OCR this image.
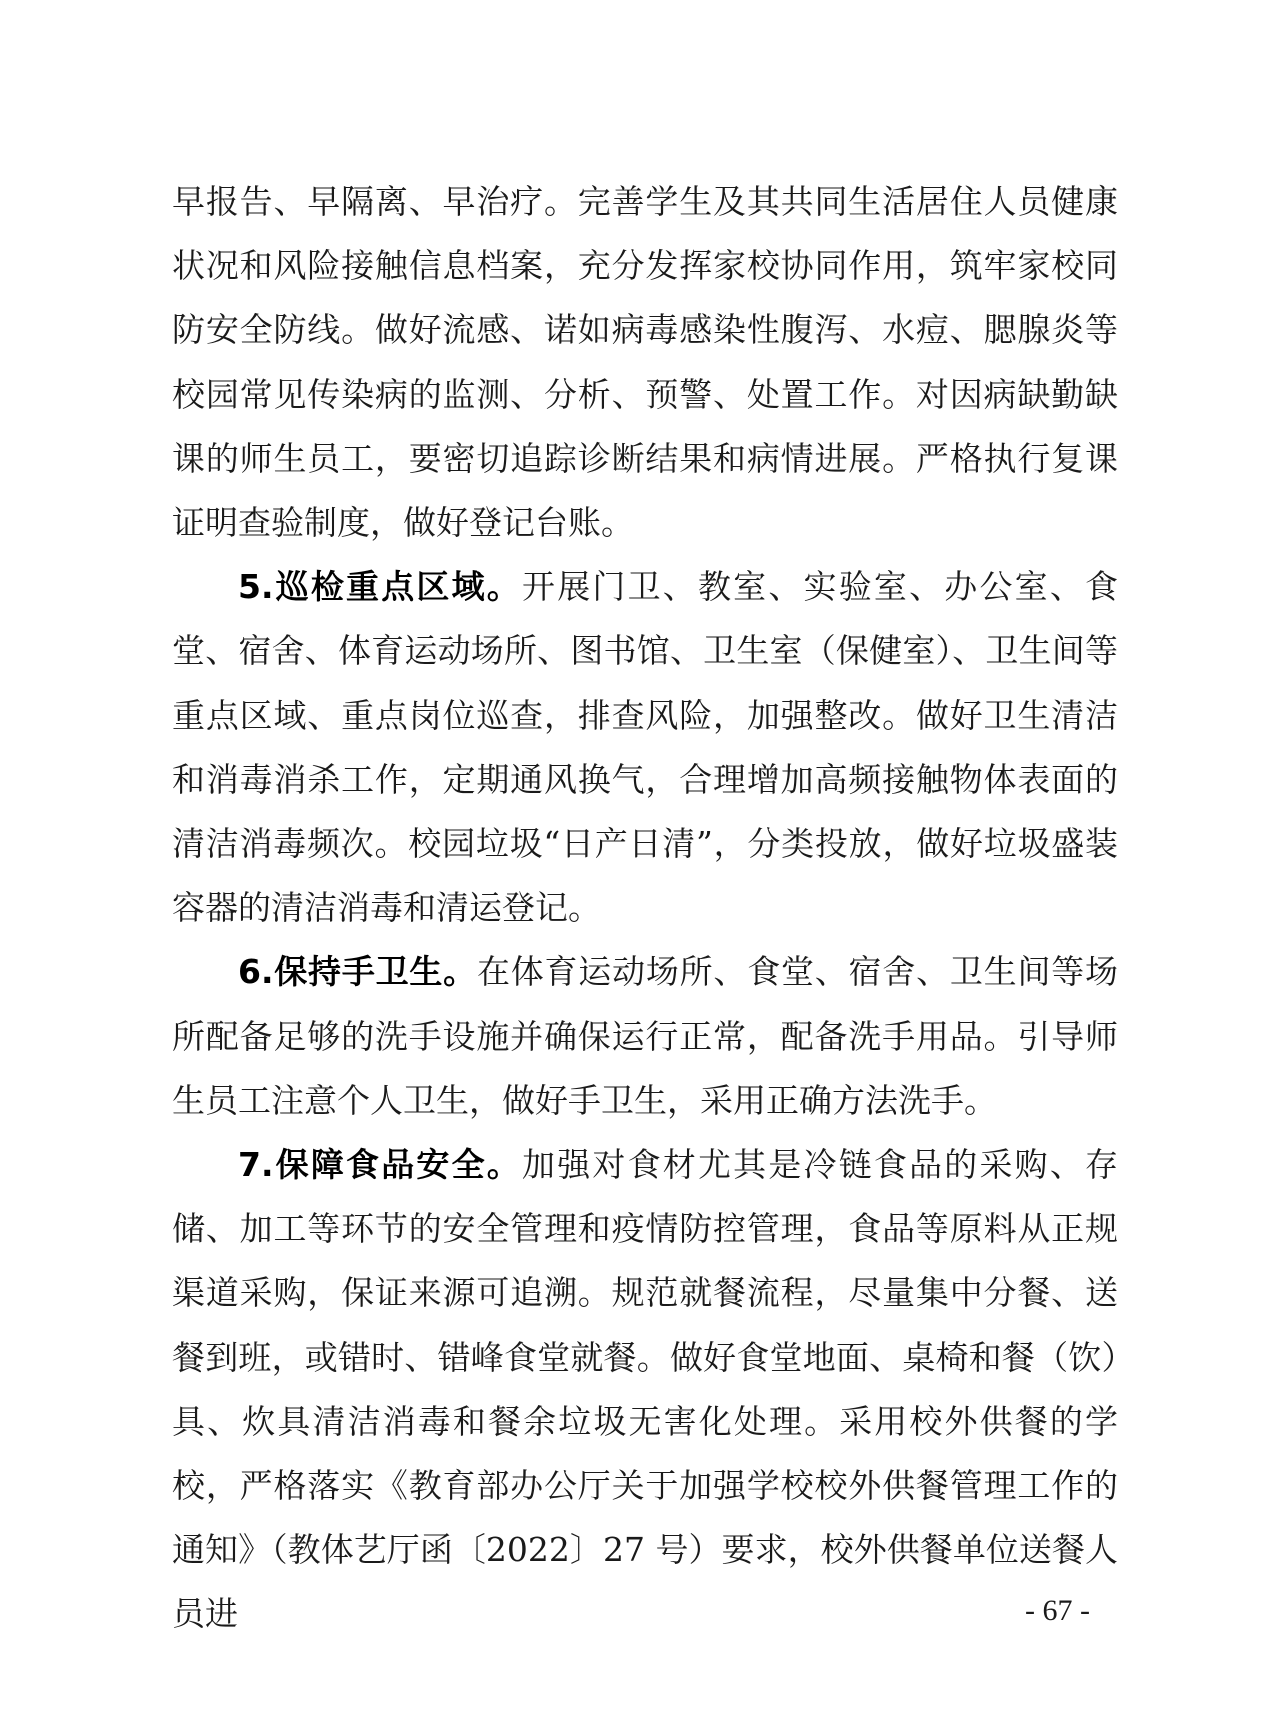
早报告、早隔离、早治疗。完善学生及其共同生活居住人员健康状况和风险接触信息档案，充分发挥家校协同作用，筑牢家校同防安全防线。做好流感、诺如病毒感染性腹泻、水痘、腮腺炎等校园常见传染病的监测、分析、预警、处置工作。对因病缺勤缺课的师生员工，要密切追踪诊断结果和病情进展。严格执行复课证明查验制度，做好登记台账。

5.巡检重点区域。开展门卫、教室、实验室、办公室、食堂、宿舍、体育运动场所、图书馆、卫生室（保健室）、卫生间等重点区域、重点岗位巡查，排查风险，加强整改。做好卫生清洁和消毒消杀工作，定期通风换气，合理增加高频接触物体表面的清洁消毒频次。校园垃圾“日产日清”，分类投放，做好垃圾盛装容器的清洁消毒和清运登记。

6.保持手卫生。在体育运动场所、食堂、宿舍、卫生间等场所配备足够的洗手设施并确保运行正常，配备洗手用品。引导师生员工注意个人卫生，做好手卫生，采用正确方法洗手。

7.保障食品安全。加强对食材尤其是冷链食品的采购、存储、加工等环节的安全管理和疫情防控管理，食品等原料从正规渠道采购，保证来源可追溯。规范就餐流程，尽量集中分餐、送餐到班，或错时、错峰食堂就餐。做好食堂地面、桌椅和餐（饮）具、炊具清洁消毒和餐余垃圾无害化处理。采用校外供餐的学校，严格落实《教育部办公厅关于加强学校校外供餐管理工作的通知》（教体艺厅函〔2022〕27 号）要求，校外供餐单位送餐人员进	- 67 -
